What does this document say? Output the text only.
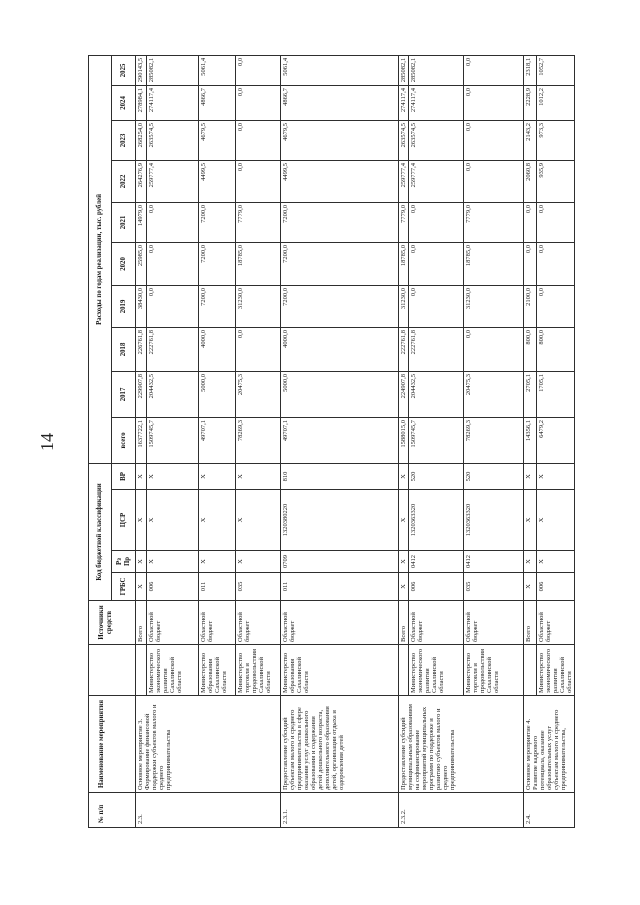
14
№ п/п	Наименование мероприятия		Источники средств	Код бюджетной классификации				Расходы по годам реализации, тыс. рублей									
				ГРБС	Рз Пр	ЦСР	ВР	всего	2017	2018	2019	2020	2021	2022	2023	2024	2025
2.3.	Основное мероприятие 3. Формирование финансовой поддержки субъектов малого и среднего предпринимательства		Всего	X	X	X	X	1637722,1	229907,8	226761,8	38430,0	25985,0	14979,0	264276,9	268254,0	278984,1	290143,5
		Министерство экономического развития Сахалинской области	Областной бюджет	006	X	X	X	1509745,7	204432,5	222761,8	0,0	0,0	0,0	259777,4	263574,5	274117,4	285082,1
		Министерство образования Сахалинской области	Областной бюджет	011	X	X	X	49707,1	5000,0	4000,0	7200,0	7200,0	7200,0	4499,5	4679,5	4866,7	5061,4
		Министерство торговли и продовольствия Сахалинской области	Областной бюджет	035	X	X	X	78269,3	20475,3	0,0	31230,0	18785,0	7779,0	0,0	0,0	0,0	0,0
2.3.1.	Предоставление субсидий субъектам малого и среднего предпринимательства в сфере оказания услуг дошкольного образования и содержания детей дошкольного возраста, дополнительного образования детей, организации отдыха и оздоровления детей	Министерство образования Сахалинской области	Областной бюджет	011	0709	1320380220	810	49707,1	5000,0	4000,0	7200,0	7200,0	7200,0	4499,5	4679,5	4866,7	5061,4
2.3.2.	Предоставление субсидий муниципальным образованиям на софинансирование мероприятий муниципальных программ по поддержке и развитию субъектов малого и среднего предпринимательства		Всего	X	X	X	X	1588015,0	224907,8	222761,8	31230,0	18785,0	7779,0	259777,4	263574,5	274117,4	285082,1
		Министерство экономического развития Сахалинской области	Областной бюджет	006	0412	1320363320	520	1509745,7	204432,5	222761,8	0,0	0,0	0,0	259777,4	263574,5	274117,4	285082,1
		Министерство торговли и продовольствия Сахалинской области	Областной бюджет	035	0412	1320363320	520	78269,3	20475,3	0,0	31230,0	18785,0	7779,0	0,0	0,0	0,0	0,0
2.4.	Основное мероприятие 4. Развитие кадрового потенциала, оказание образовательных услуг субъектам малого и среднего предпринимательства,		Всего	X	X	X	X	14356,1	2705,1	800,0	2100,0	0,0	0,0	2060,8	2143,2	2228,9	2318,1
		Министерство экономического развития Сахалинской области	Областной бюджет	006	X	X	X	6479,2	1705,1	800,0	0,0	0,0	0,0	935,9	973,3	1012,2	1052,7
